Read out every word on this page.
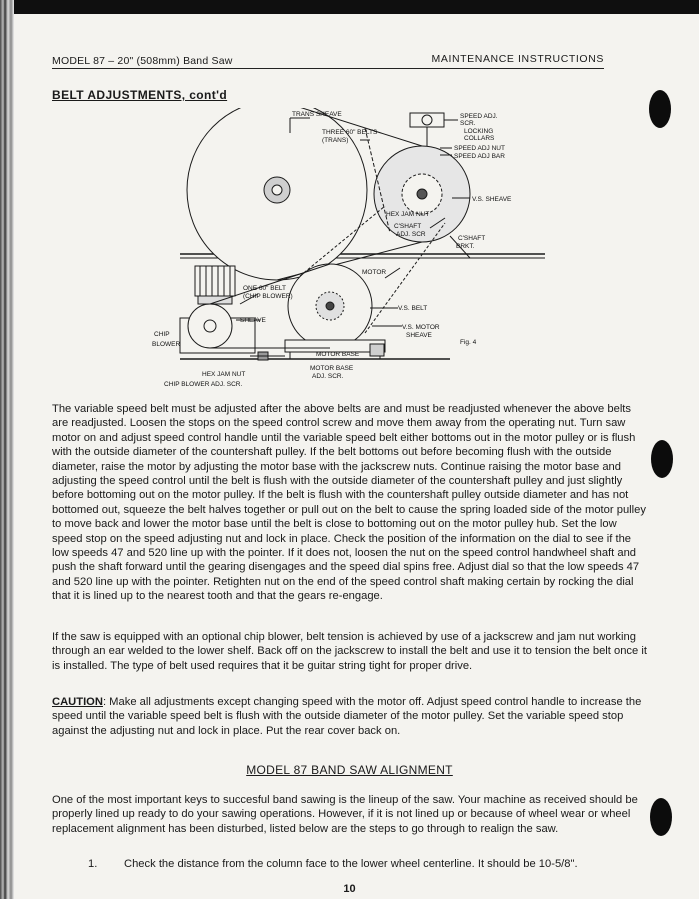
MODEL 87 – 20" (508mm) Band Saw	MAINTENANCE INSTRUCTIONS
BELT ADJUSTMENTS, cont'd
TRANS SHEAVE
THREE 60" BELTS
(TRANS)
SPEED ADJ.
SCR.
LOCKING
COLLARS
SPEED ADJ NUT
SPEED ADJ BAR
V.S. SHEAVE
HEX JAM NUT
C'SHAFT
ADJ. SCR
C'SHAFT
BRKT.
MOTOR
ONE 60" BELT
(CHIP BLOWER)
SHEAVE
V.S. BELT
CHIP
BLOWER
V.S. MOTOR
SHEAVE
Fig. 4
MOTOR BASE
MOTOR BASE
ADJ. SCR.
HEX JAM NUT
CHIP BLOWER ADJ. SCR.

The variable speed belt must be adjusted after the above belts are and must be readjusted whenever the above belts are readjusted. Loosen the stops on the speed control screw and move them away from the operating nut. Turn saw motor on and adjust speed control handle until the variable speed belt either bottoms out in the motor pulley or is flush with the outside diameter of the countershaft pulley. If the belt bottoms out before becoming flush with the outside diameter, raise the motor by adjusting the motor base with the jackscrew nuts. Continue raising the motor base and adjusting the speed control until the belt is flush with the outside diameter of the countershaft pulley and just slightly before bottoming out on the motor pulley. If the belt is flush with the countershaft pulley outside diameter and has not bottomed out, squeeze the belt halves together or pull out on the belt to cause the spring loaded side of the motor pulley to move back and lower the motor base until the belt is close to bottoming out on the motor pulley hub. Set the low speed stop on the speed adjusting nut and lock in place. Check the position of the information on the dial to see if the low speeds 47 and 520 line up with the pointer. If it does not, loosen the nut on the speed control handwheel shaft and push the shaft forward until the gearing disengages and the speed dial spins free. Adjust dial so that the low speeds 47 and 520 line up with the pointer. Retighten nut on the end of the speed control shaft making certain by rocking the dial that it is lined up to the nearest tooth and that the gears re-engage.

If the saw is equipped with an optional chip blower, belt tension is achieved by use of a jackscrew and jam nut working through an ear welded to the lower shelf. Back off on the jackscrew to install the belt and use it to tension the belt once it is installed. The type of belt used requires that it be guitar string tight for proper drive.

CAUTION: Make all adjustments except changing speed with the motor off. Adjust speed control handle to increase the speed until the variable speed belt is flush with the outside diameter of the motor pulley. Set the variable speed stop against the adjusting nut and lock in place. Put the rear cover back on.

MODEL 87 BAND SAW ALIGNMENT

One of the most important keys to succesful band sawing is the lineup of the saw. Your machine as received should be properly lined up ready to do your sawing operations. However, if it is not lined up or because of wheel wear or wheel replacement alignment has been disturbed, listed below are the steps to go through to realign the saw.

1. Check the distance from the column face to the lower wheel centerline. It should be 10-5/8".
10
